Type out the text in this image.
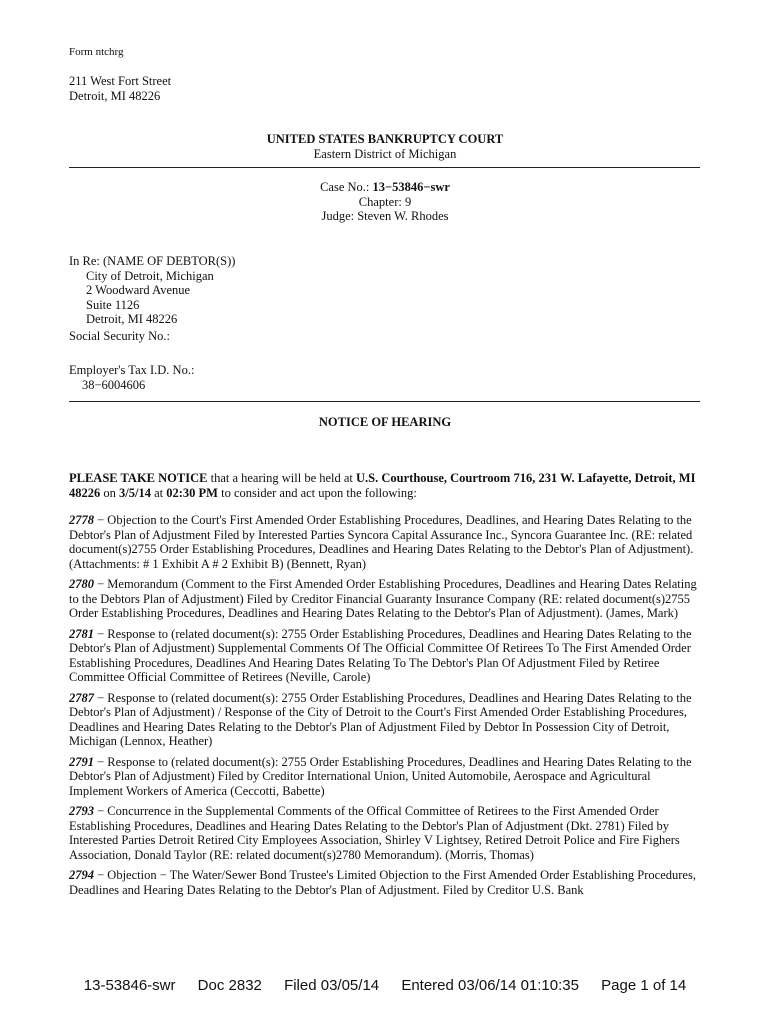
Form ntchrg
211 West Fort Street
Detroit, MI 48226
UNITED STATES BANKRUPTCY COURT
Eastern District of Michigan
Case No.: 13−53846−swr
Chapter: 9
Judge: Steven W. Rhodes
In Re: (NAME OF DEBTOR(S))
City of Detroit, Michigan
2 Woodward Avenue
Suite 1126
Detroit, MI 48226
Social Security No.:
Employer's Tax I.D. No.:
38−6004606
NOTICE OF HEARING
PLEASE TAKE NOTICE that a hearing will be held at U.S. Courthouse, Courtroom 716, 231 W. Lafayette, Detroit, MI 48226 on 3/5/14 at 02:30 PM to consider and act upon the following:
2778 − Objection to the Court's First Amended Order Establishing Procedures, Deadlines, and Hearing Dates Relating to the Debtor's Plan of Adjustment Filed by Interested Parties Syncora Capital Assurance Inc., Syncora Guarantee Inc. (RE: related document(s)2755 Order Establishing Procedures, Deadlines and Hearing Dates Relating to the Debtor's Plan of Adjustment). (Attachments: # 1 Exhibit A # 2 Exhibit B) (Bennett, Ryan)
2780 − Memorandum (Comment to the First Amended Order Establishing Procedures, Deadlines and Hearing Dates Relating to the Debtors Plan of Adjustment) Filed by Creditor Financial Guaranty Insurance Company (RE: related document(s)2755 Order Establishing Procedures, Deadlines and Hearing Dates Relating to the Debtor's Plan of Adjustment). (James, Mark)
2781 − Response to (related document(s): 2755 Order Establishing Procedures, Deadlines and Hearing Dates Relating to the Debtor's Plan of Adjustment) Supplemental Comments Of The Official Committee Of Retirees To The First Amended Order Establishing Procedures, Deadlines And Hearing Dates Relating To The Debtor's Plan Of Adjustment Filed by Retiree Committee Official Committee of Retirees (Neville, Carole)
2787 − Response to (related document(s): 2755 Order Establishing Procedures, Deadlines and Hearing Dates Relating to the Debtor's Plan of Adjustment) / Response of the City of Detroit to the Court's First Amended Order Establishing Procedures, Deadlines and Hearing Dates Relating to the Debtor's Plan of Adjustment Filed by Debtor In Possession City of Detroit, Michigan (Lennox, Heather)
2791 − Response to (related document(s): 2755 Order Establishing Procedures, Deadlines and Hearing Dates Relating to the Debtor's Plan of Adjustment) Filed by Creditor International Union, United Automobile, Aerospace and Agricultural Implement Workers of America (Ceccotti, Babette)
2793 − Concurrence in the Supplemental Comments of the Offical Committee of Retirees to the First Amended Order Establishing Procedures, Deadlines and Hearing Dates Relating to the Debtor's Plan of Adjustment (Dkt. 2781) Filed by Interested Parties Detroit Retired City Employees Association, Shirley V Lightsey, Retired Detroit Police and Fire Fighers Association, Donald Taylor (RE: related document(s)2780 Memorandum). (Morris, Thomas)
2794 − Objection − The Water/Sewer Bond Trustee's Limited Objection to the First Amended Order Establishing Procedures, Deadlines and Hearing Dates Relating to the Debtor's Plan of Adjustment. Filed by Creditor U.S. Bank
13-53846-swr Doc 2832 Filed 03/05/14 Entered 03/06/14 01:10:35 Page 1 of 14
